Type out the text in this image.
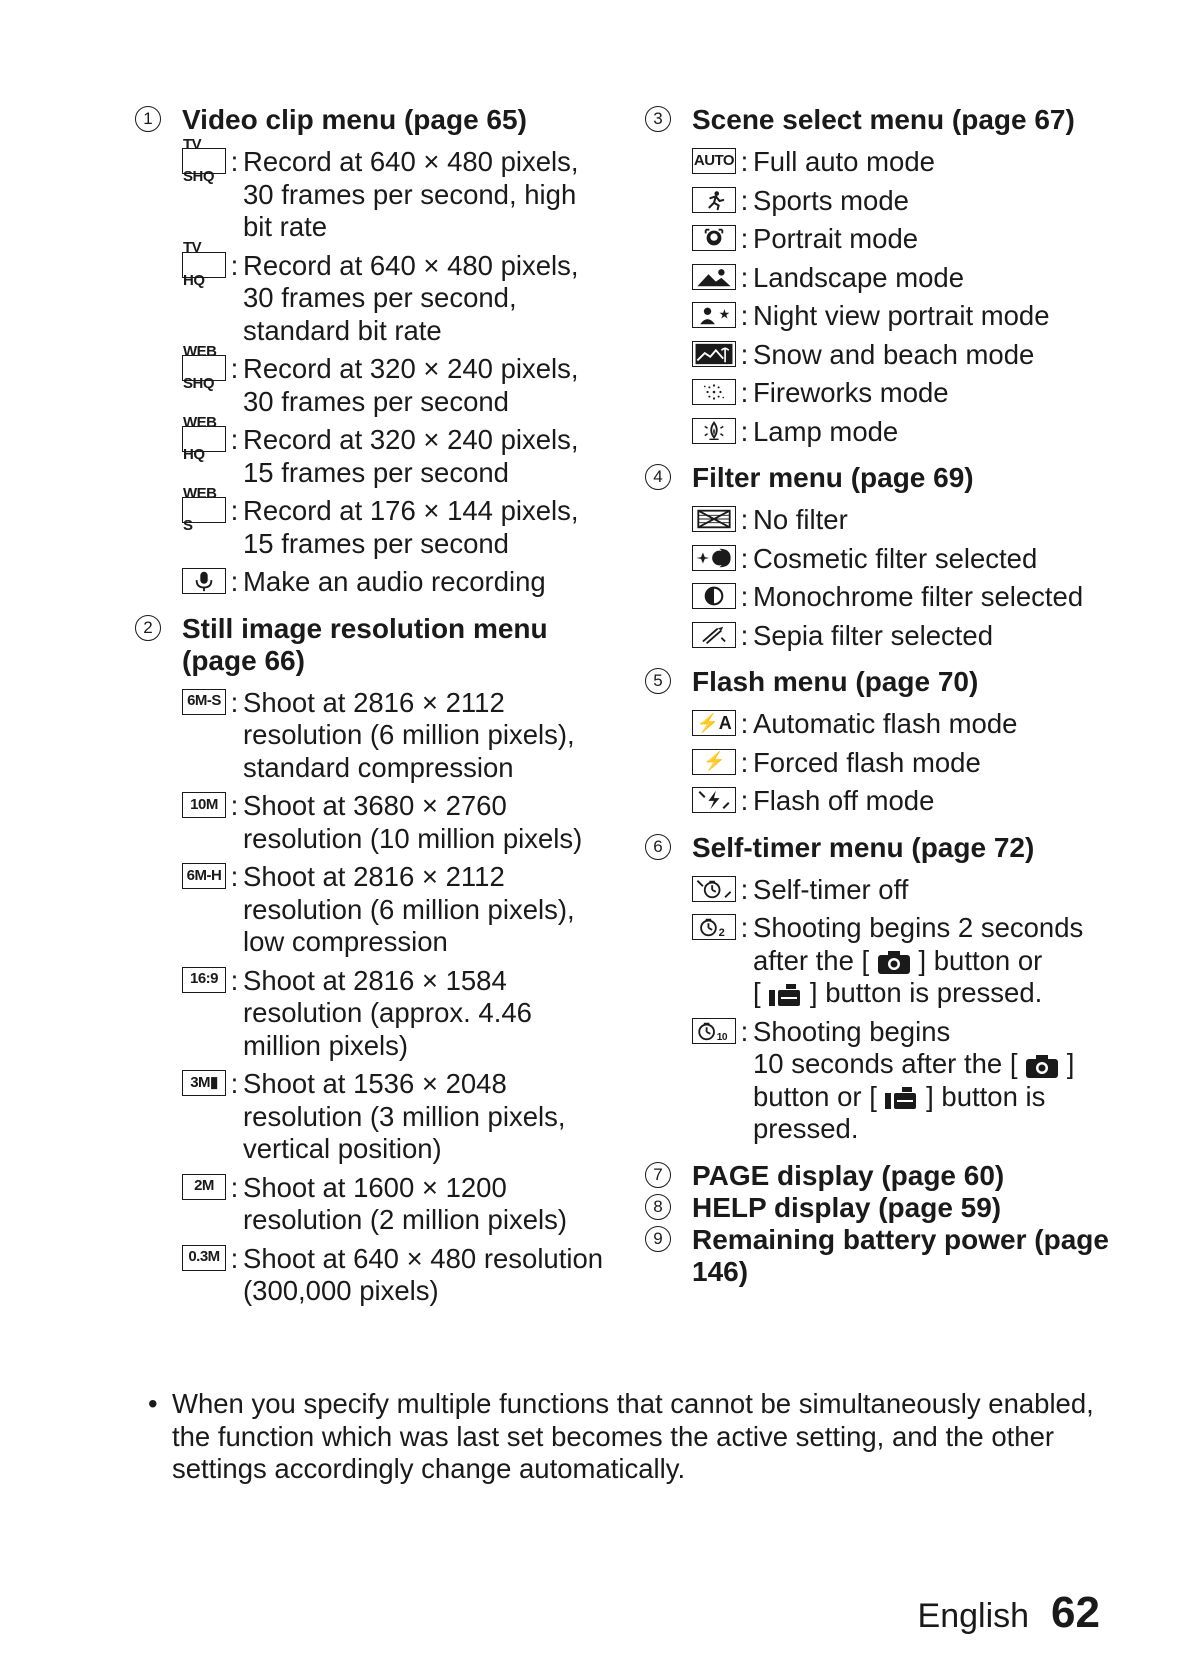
1 Video clip menu (page 65)
TV SHQ : Record at 640 × 480 pixels, 30 frames per second, high bit rate
TV HQ : Record at 640 × 480 pixels, 30 frames per second, standard bit rate
WEB SHQ : Record at 320 × 240 pixels, 30 frames per second
WEB HQ : Record at 320 × 240 pixels, 15 frames per second
WEB S	: Record at 176 × 144 pixels, 15 frames per second
: Make an audio recording
2 Still image resolution menu (page 66)
6M-S : Shoot at 2816 × 2112 resolution (6 million pixels), standard compression
10M : Shoot at 3680 × 2760 resolution (10 million pixels)
6M-H : Shoot at 2816 × 2112 resolution (6 million pixels), low compression
16:9 : Shoot at 2816 × 1584 resolution (approx. 4.46 million pixels)
3M▮ : Shoot at 1536 × 2048 resolution (3 million pixels, vertical position)
2M : Shoot at 1600 × 1200 resolution (2 million pixels)
0.3M : Shoot at 640 × 480 resolution (300,000 pixels)
3 Scene select menu (page 67)
AUTO : Full auto mode
: Sports mode
: Portrait mode
: Landscape mode
★ : Night view portrait mode
: Snow and beach mode
: Fireworks mode
: Lamp mode
4 Filter menu (page 69)
: No filter
: Cosmetic filter selected
: Monochrome filter selected
: Sepia filter selected
5 Flash menu (page 70)
⚡A : Automatic flash mode
⚡ : Forced flash mode
: Flash off mode
6 Self-timer menu (page 72)
: Self-timer off
2 : Shooting begins 2 seconds
after the [ ] button or
[ ] button is pressed.
10 : Shooting begins
10 seconds after the [ ]
button or [ ] button is
pressed.
7 PAGE display (page 60)
8 HELP display (page 59)
9 Remaining battery power (page 146)
• When you specify multiple functions that cannot be simultaneously enabled, the function which was last set becomes the active setting, and the other settings accordingly change automatically.
English 62
